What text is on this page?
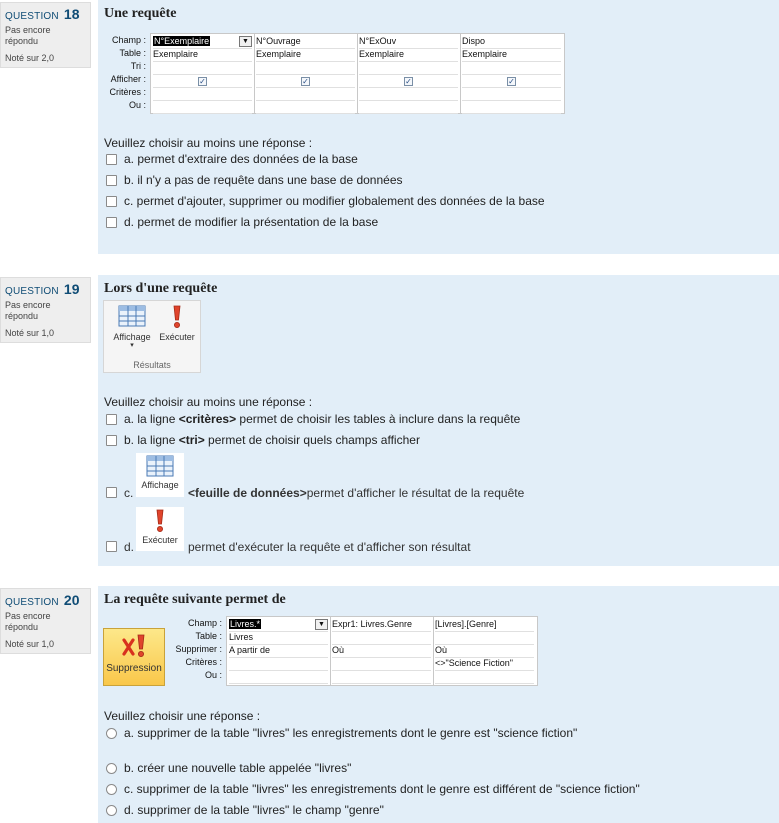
QUESTION 18
Pas encore répondu
Noté sur 2,0
Une requête
Champ :
Table :
Tri :
Afficher :
Critères :
Ou :
N°Exemplaire	▼
Exemplaire
✓
N°Ouvrage
Exemplaire
✓
N°ExOuv
Exemplaire
✓
Dispo
Exemplaire
✓
Veuillez choisir au moins une réponse :
a. permet d'extraire des données de la base
b. il n'y a pas de requête dans une base de données
c. permet d'ajouter, supprimer ou modifier globalement des données de la base
d. permet de modifier la présentation de la base
QUESTION 19
Pas encore répondu
Noté sur 1,0
Lors d'une requête
Affichage
▾
Exécuter
Résultats
Veuillez choisir au moins une réponse :
a. la ligne <critères> permet de choisir les tables à inclure dans la requête
b. la ligne <tri> permet de choisir quels champs afficher
c.
Affichage
<feuille de données>permet d'afficher le résultat de la requête
d. Exécuter permet d'exécuter la requête et d'afficher son résultat
QUESTION 20
Pas encore répondu
Noté sur 1,0
La requête suivante permet de
Suppression
Champ :
Table :
Supprimer :
Critères :
Ou :
Livres.*	▼
Livres
A partir de
Expr1: Livres.Genre
Où
[Livres].[Genre]
Où
<>"Science Fiction"
Veuillez choisir une réponse :
a. supprimer de la table "livres" les enregistrements dont le genre est "science fiction"
b. créer une nouvelle table appelée "livres"
c. supprimer de la table "livres" les enregistrements dont le genre est différent de "science fiction"
d. supprimer de la table "livres" le champ "genre"
